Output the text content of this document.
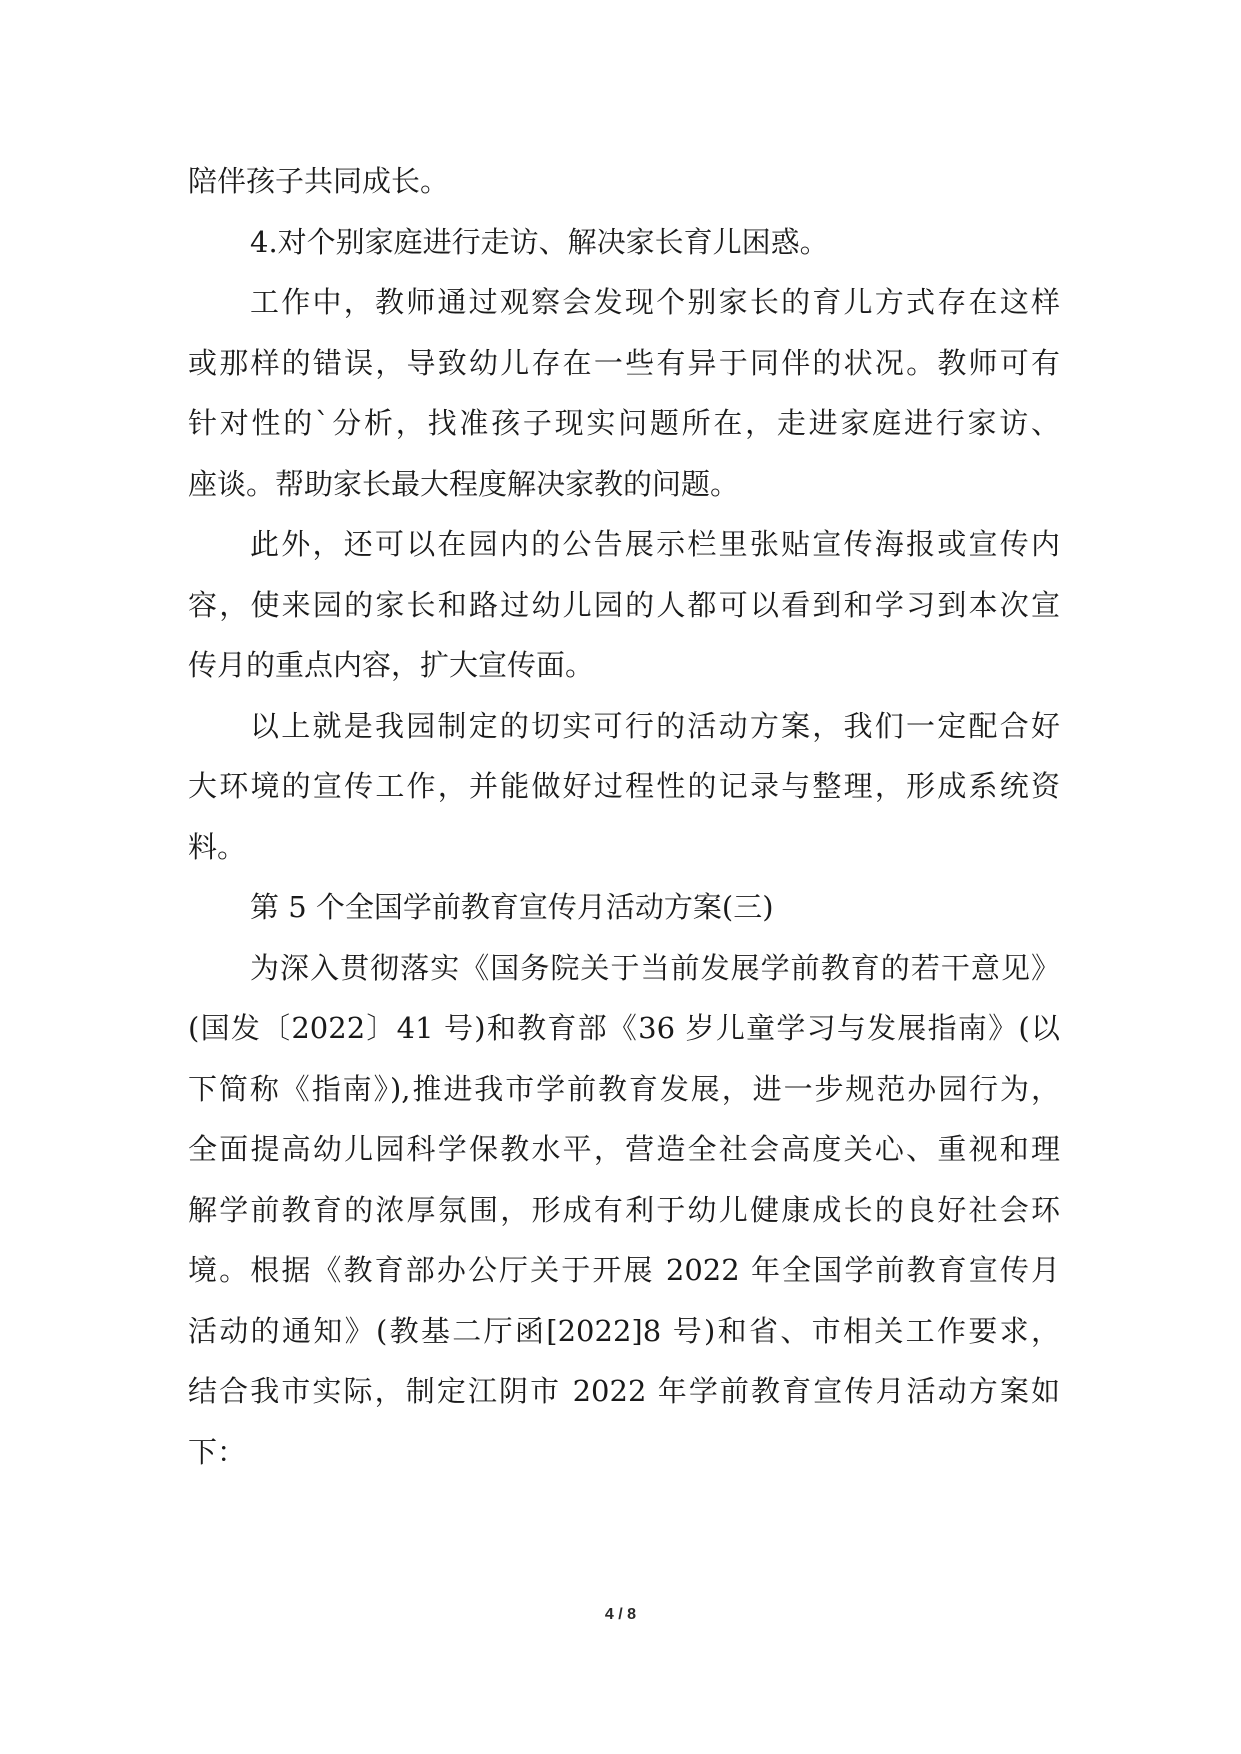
陪伴孩子共同成长。
4.对个别家庭进行走访、解决家长育儿困惑。
工作中，教师通过观察会发现个别家长的育儿方式存在这样
或那样的错误，导致幼儿存在一些有异于同伴的状况。教师可有
针对性的`分析，找准孩子现实问题所在，走进家庭进行家访、
座谈。帮助家长最大程度解决家教的问题。
此外，还可以在园内的公告展示栏里张贴宣传海报或宣传内
容，使来园的家长和路过幼儿园的人都可以看到和学习到本次宣
传月的重点内容，扩大宣传面。
以上就是我园制定的切实可行的活动方案，我们一定配合好
大环境的宣传工作，并能做好过程性的记录与整理，形成系统资
料。
第 5 个全国学前教育宣传月活动方案(三)
为深入贯彻落实《国务院关于当前发展学前教育的若干意见》
(国发〔2022〕41 号)和教育部《36 岁儿童学习与发展指南》(以
下简称《指南》),推进我市学前教育发展，进一步规范办园行为，
全面提高幼儿园科学保教水平，营造全社会高度关心、重视和理
解学前教育的浓厚氛围，形成有利于幼儿健康成长的良好社会环
境。根据《教育部办公厅关于开展 2022 年全国学前教育宣传月
活动的通知》(教基二厅函[2022]8 号)和省、市相关工作要求，
结合我市实际，制定江阴市 2022 年学前教育宣传月活动方案如
下：
4 / 8
